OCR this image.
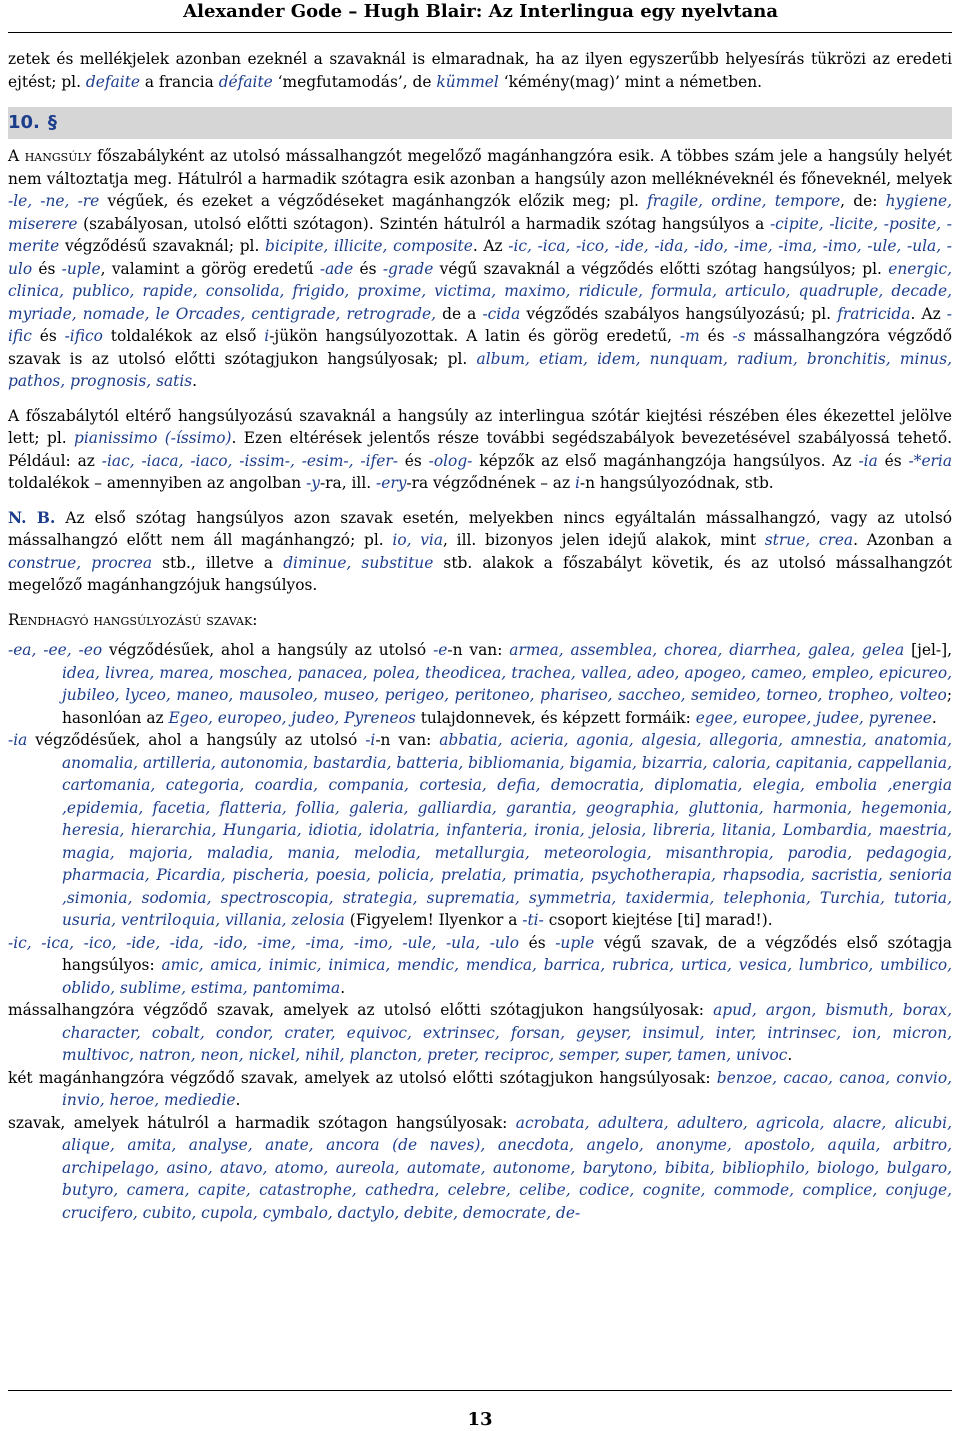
Alexander Gode – Hugh Blair: Az Interlingua egy nyelvtana

zetek és mellékjelek azonban ezeknél a szavaknál is elmaradnak, ha az ilyen egyszerűbb helyesírás tükrözi az eredeti ejtést; pl. defaite a francia défaite ‘megfutamodás’, de kümmel ‘kémény(mag)’ mint a németben.

10. §

A hangsúly főszabályként az utolsó mássalhangzót megelőző magánhangzóra esik. A többes szám jele a hangsúly helyét nem változtatja meg. Hátulról a harmadik szótagra esik azonban a hangsúly azon melléknéveknél és főneveknél, melyek -le, -ne, -re végűek, és ezeket a végződéseket magánhangzók előzik meg; pl. fragile, ordine, tempore, de: hygiene, miserere (szabályosan, utolsó előtti szótagon). Szintén hátulról a harmadik szótag hangsúlyos a -cipite, -licite, -posite, -merite végződésű szavaknál; pl. bicipite, illicite, composite. Az -ic, -ica, -ico, -ide, -ida, -ido, -ime, -ima, -imo, -ule, -ula, -ulo és -uple, valamint a görög eredetű -ade és -grade végű szavaknál a végződés előtti szótag hangsúlyos; pl. energic, clinica, publico, rapide, consolida, frigido, proxime, victima, maximo, ridicule, formula, articulo, quadruple, decade, myriade, nomade, le Orcades, centigrade, retrograde, de a -cida végződés szabályos hangsúlyozású; pl. fratricida. Az -ific és -ifico toldalékok az első i-jükön hangsúlyozottak. A latin és görög eredetű, -m és -s mássalhangzóra végződő szavak is az utolsó előtti szótagjukon hangsúlyosak; pl. album, etiam, idem, nunquam, radium, bronchitis, minus, pathos, prognosis, satis.

A főszabálytól eltérő hangsúlyozású szavaknál a hangsúly az interlingua szótár kiejtési részében éles ékezettel jelölve lett; pl. pianissimo (-íssimo). Ezen eltérések jelentős része további segédszabályok bevezetésével szabályossá tehető. Például: az -iac, -iaca, -iaco, -issim-, -esim-, -ifer- és -olog- képzők az első magánhangzója hangsúlyos. Az -ia és -*eria toldalékok – amennyiben az angolban -y-ra, ill. -ery-ra végződnének – az i-n hangsúlyozódnak, stb.

N. B. Az első szótag hangsúlyos azon szavak esetén, melyekben nincs egyáltalán mássalhangzó, vagy az utolsó mássalhangzó előtt nem áll magánhangzó; pl. io, via, ill. bizonyos jelen idejű alakok, mint strue, crea. Azonban a construe, procrea stb., illetve a diminue, substitue stb. alakok a főszabályt követik, és az utolsó mássalhangzót megelőző magánhangzójuk hangsúlyos.

Rendhagyó hangsúlyozású szavak:

-ea, -ee, -eo végződésűek, ahol a hangsúly az utolsó -e-n van: armea, assemblea, chorea, diarrhea, galea, gelea [jel-], idea, livrea, marea, moschea, panacea, polea, theodicea, trachea, vallea, adeo, apogeo, cameo, empleo, epicureo, jubileo, lyceo, maneo, mausoleo, museo, perigeo, peritoneo, phariseo, saccheo, semideo, torneo, tropheo, volteo; hasonlóan az Egeo, europeo, judeo, Pyreneos tulajdonnevek, és képzett formáik: egee, europee, judee, pyrenee.

-ia végződésűek, ahol a hangsúly az utolsó -i-n van: abbatia, acieria, agonia, algesia, allegoria, amnestia, anatomia, anomalia, artilleria, autonomia, bastardia, batteria, bibliomania, bigamia, bizarria, caloria, capitania, cappellania, cartomania, categoria, coardia, compania, cortesia, defia, democratia, diplomatia, elegia, embolia ,energia ,epidemia, facetia, flatteria, follia, galeria, galliardia, garantia, geographia, gluttonia, harmonia, hegemonia, heresia, hierarchia, Hungaria, idiotia, idolatria, infanteria, ironia, jelosia, libreria, litania, Lombardia, maestria, magia, majoria, maladia, mania, melodia, metallurgia, meteorologia, misanthropia, parodia, pedagogia, pharmacia, Picardia, pischeria, poesia, policia, prelatia, primatia, psychotherapia, rhapsodia, sacristia, senioria ,simonia, sodomia, spectroscopia, strategia, suprematia, symmetria, taxidermia, telephonia, Turchia, tutoria, usuria, ventriloquia, villania, zelosia (Figyelem! Ilyenkor a -ti- csoport kiejtése [ti] marad!).

-ic, -ica, -ico, -ide, -ida, -ido, -ime, -ima, -imo, -ule, -ula, -ulo és -uple végű szavak, de a végződés első szótagja hangsúlyos: amic, amica, inimic, inimica, mendic, mendica, barrica, rubrica, urtica, vesica, lumbrico, umbilico, oblido, sublime, estima, pantomima.

mássalhangzóra végződő szavak, amelyek az utolsó előtti szótagjukon hangsúlyosak: apud, argon, bismuth, borax, character, cobalt, condor, crater, equivoc, extrinsec, forsan, geyser, insimul, inter, intrinsec, ion, micron, multivoc, natron, neon, nickel, nihil, plancton, preter, reciproc, semper, super, tamen, univoc.

két magánhangzóra végződő szavak, amelyek az utolsó előtti szótagjukon hangsúlyosak: benzoe, cacao, canoa, convio, invio, heroe, mediedie.

szavak, amelyek hátulról a harmadik szótagon hangsúlyosak: acrobata, adultera, adultero, agricola, alacre, alicubi, alique, amita, analyse, anate, ancora (de naves), anecdota, angelo, anonyme, apostolo, aquila, arbitro, archipelago, asino, atavo, atomo, aureola, automate, autonome, barytono, bibita, bibliophilo, biologo, bulgaro, butyro, camera, capite, catastrophe, cathedra, celebre, celibe, codice, cognite, commode, complice, conjuge, crucifero, cubito, cupola, cymbalo, dactylo, debite, democrate, de-

13
